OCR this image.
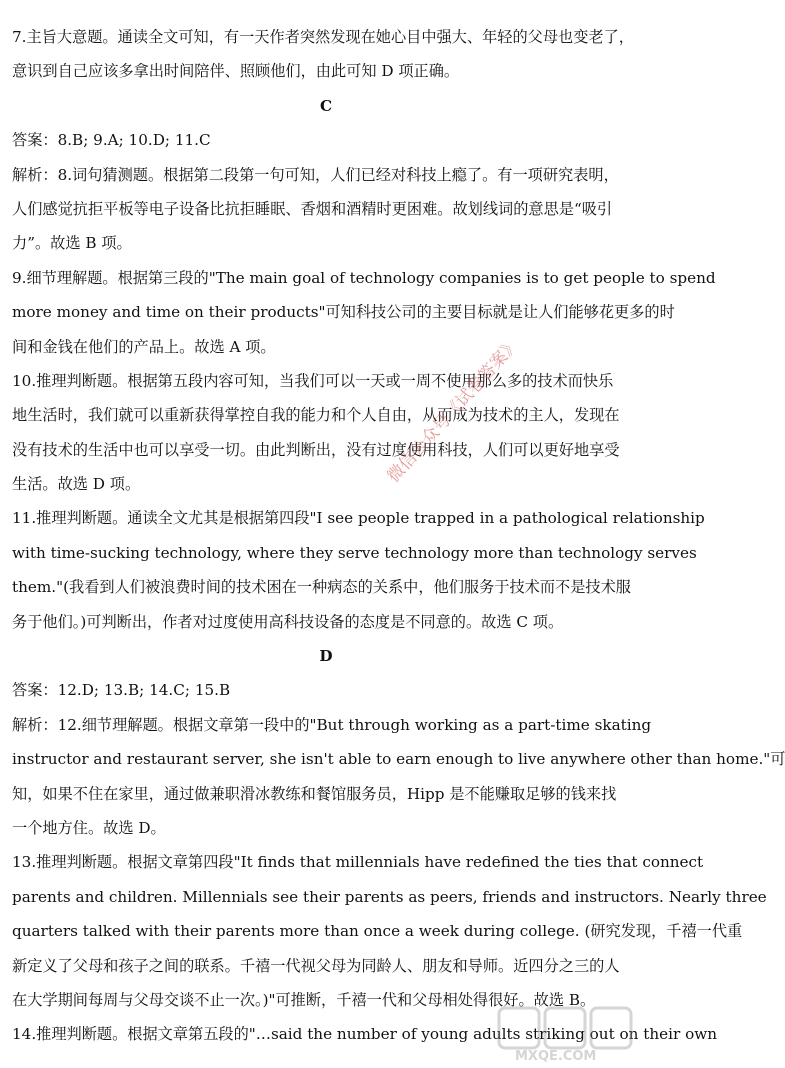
7.主旨大意题。通读全文可知，有一天作者突然发现在她心目中强大、年轻的父母也变老了，
意识到自己应该多拿出时间陪伴、照顾他们，由此可知 D 项正确。
C
答案：8.B; 9.A; 10.D; 11.C
解析：8.词句猜测题。根据第二段第一句可知，人们已经对科技上瘾了。有一项研究表明，
人们感觉抗拒平板等电子设备比抗拒睡眠、香烟和酒精时更困难。故划线词的意思是“吸引
力”。故选 B 项。
9.细节理解题。根据第三段的"The main goal of technology companies is to get people to spend
more money and time on their products"可知科技公司的主要目标就是让人们能够花更多的时
间和金钱在他们的产品上。故选 A 项。
10.推理判断题。根据第五段内容可知，当我们可以一天或一周不使用那么多的技术而快乐
地生活时，我们就可以重新获得掌控自我的能力和个人自由，从而成为技术的主人，发现在
没有技术的生活中也可以享受一切。由此判断出，没有过度使用科技，人们可以更好地享受
生活。故选 D 项。
11.推理判断题。通读全文尤其是根据第四段"I see people trapped in a pathological relationship
with time-sucking technology, where they serve technology more than technology serves
them."(我看到人们被浪费时间的技术困在一种病态的关系中，他们服务于技术而不是技术服
务于他们。)可判断出，作者对过度使用高科技设备的态度是不同意的。故选 C 项。
D
答案：12.D; 13.B; 14.C; 15.B
解析：12.细节理解题。根据文章第一段中的"But through working as a part-time skating
instructor and restaurant server, she isn't able to earn enough to live anywhere other than home."可
知，如果不住在家里，通过做兼职滑冰教练和餐馆服务员，Hipp 是不能赚取足够的钱来找
一个地方住。故选 D。
13.推理判断题。根据文章第四段"It finds that millennials have redefined the ties that connect
parents and children. Millennials see their parents as peers, friends and instructors. Nearly three
quarters talked with their parents more than once a week during college. (研究发现，千禧一代重
新定义了父母和孩子之间的联系。千禧一代视父母为同龄人、朋友和导师。近四分之三的人
在大学期间每周与父母交谈不止一次。)"可推断，千禧一代和父母相处得很好。故选 B。
14.推理判断题。根据文章第五段的"…said the number of young adults striking out on their own
微信公众号《试卷答案》
MXQE.COM
